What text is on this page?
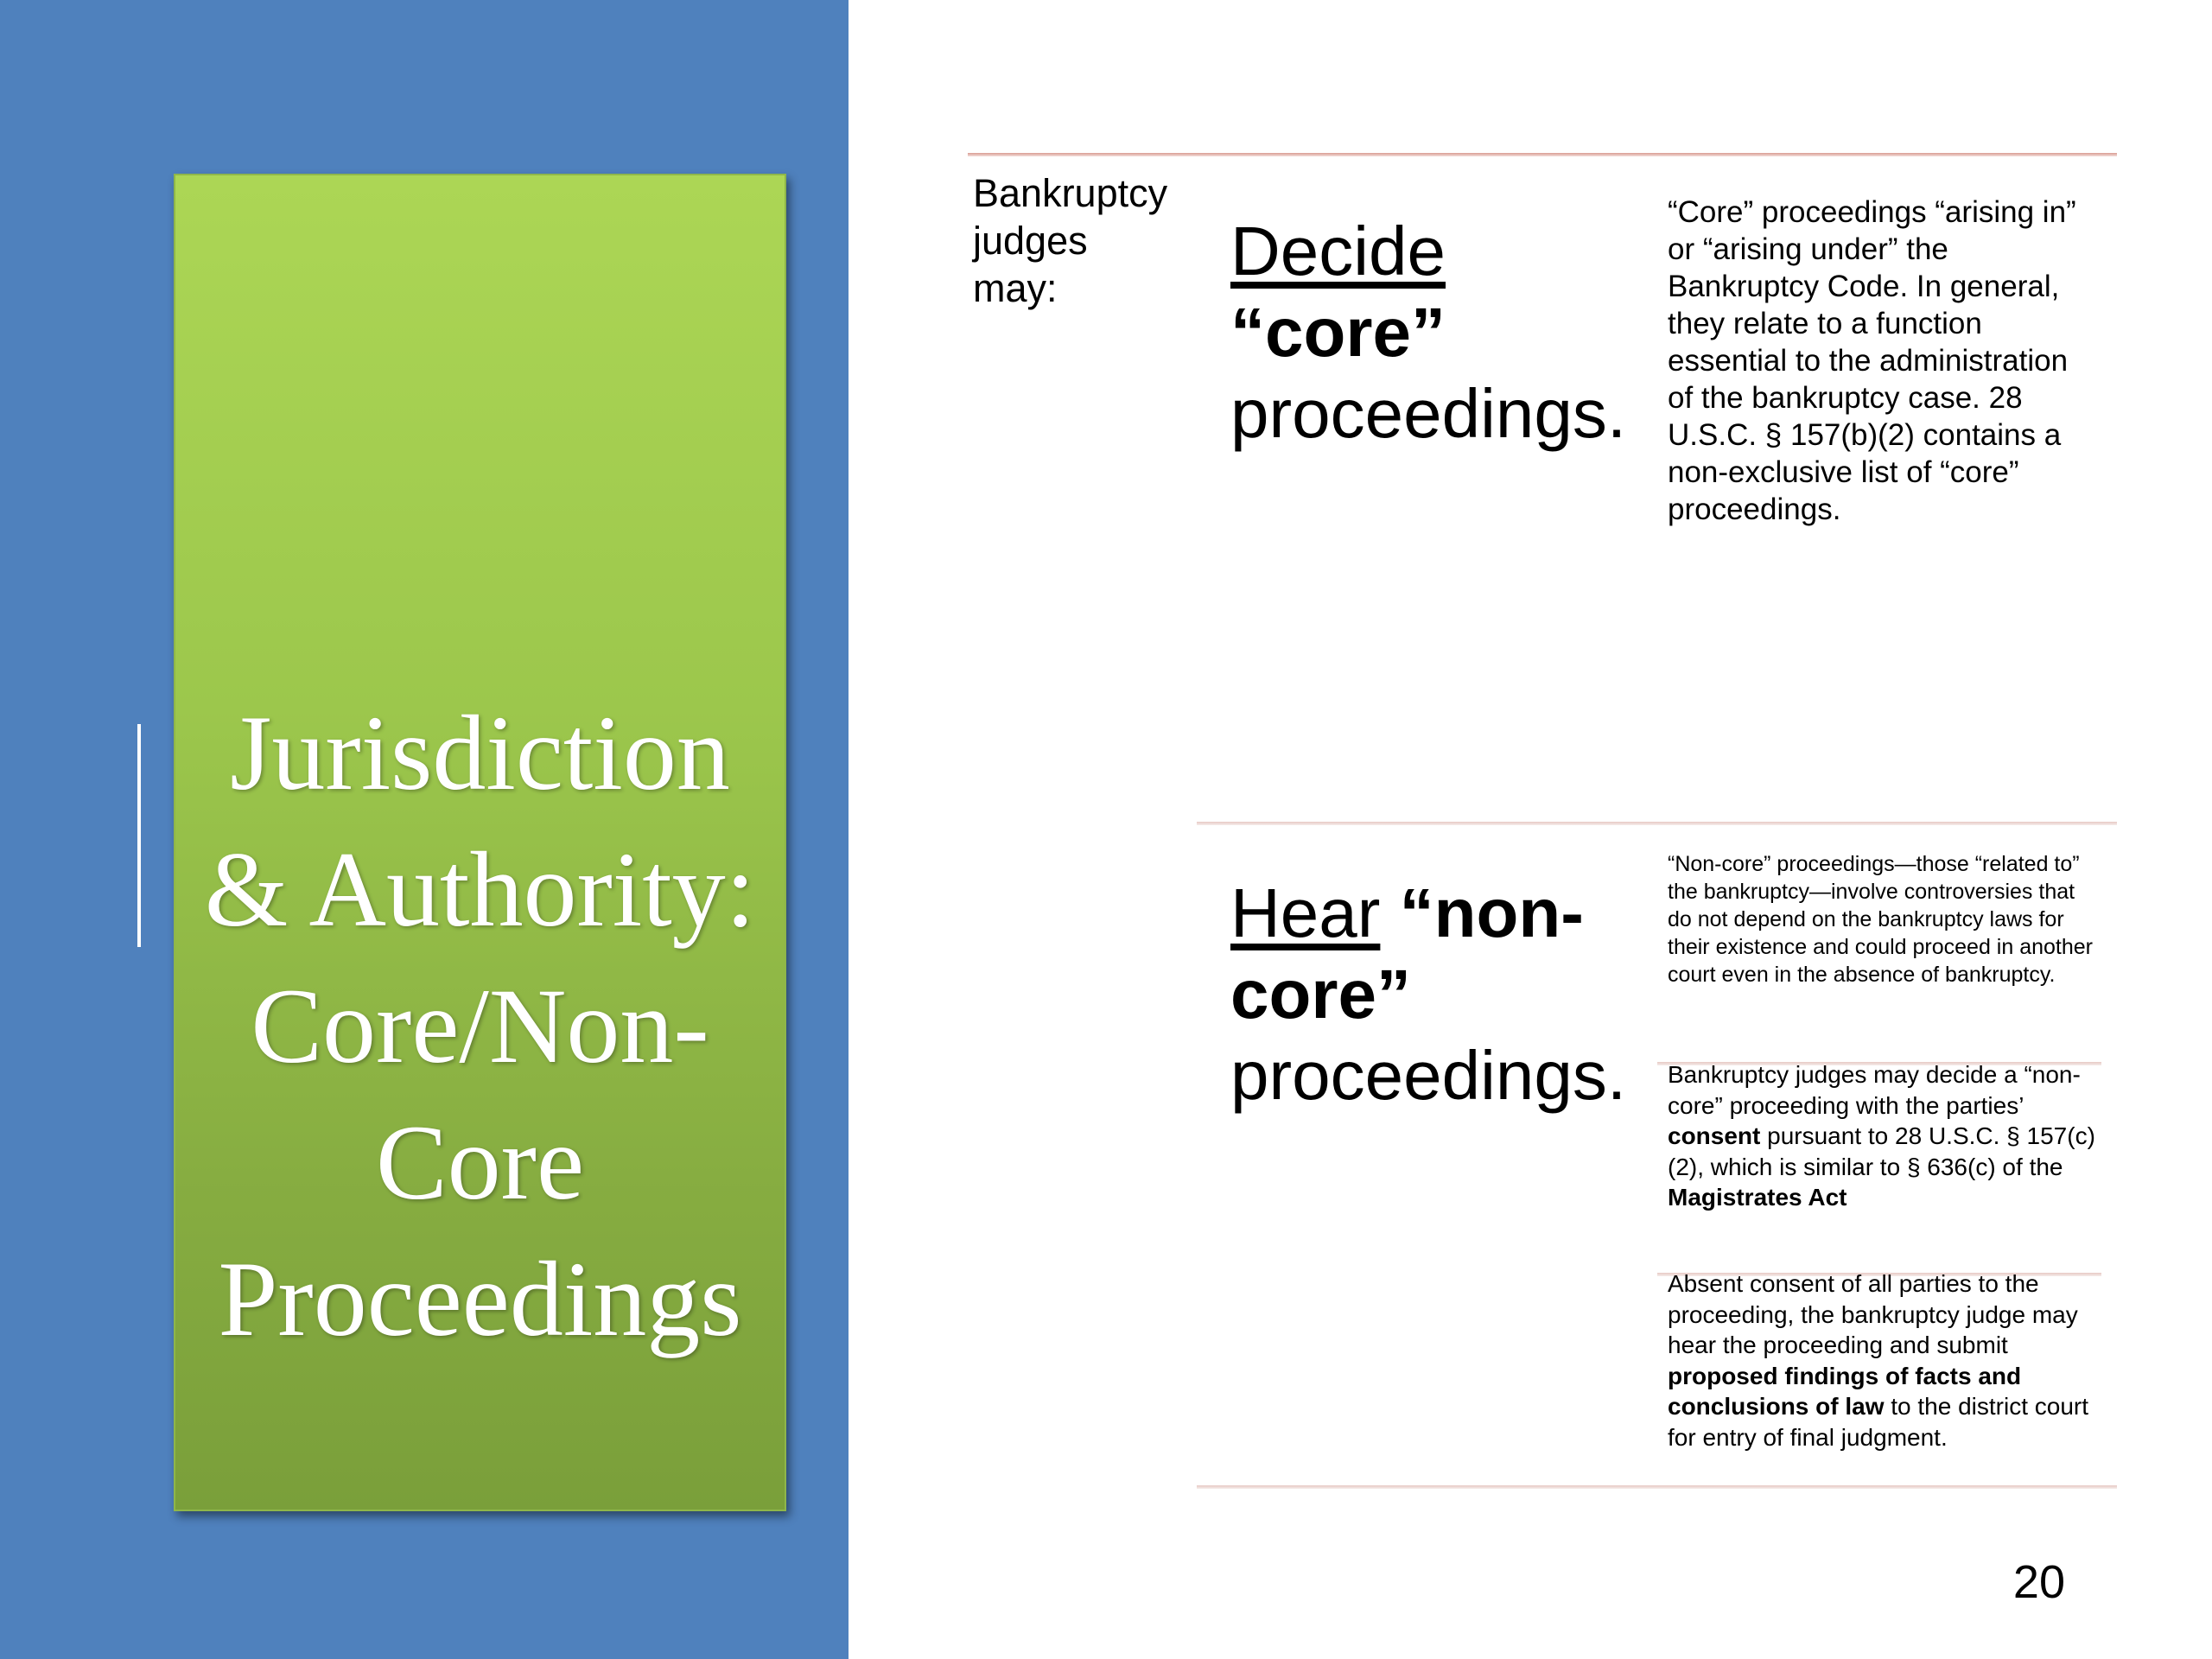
Jurisdiction & Authority: Core/Non-Core Proceedings
Bankruptcy judges may:	Decide
“core”
proceedings.

“Core” proceedings “arising in” or “arising under” the Bankruptcy Code. In general, they relate to a function essential to the administration of the bankruptcy case. 28 U.S.C. § 157(b)(2) contains a non-exclusive list of “core” proceedings.

Hear “non-core”
proceedings.

“Non-core” proceedings—those “related to” the bankruptcy—involve controversies that do not depend on the bankruptcy laws for their existence and could proceed in another court even in the absence of bankruptcy.

Bankruptcy judges may decide a “non-core” proceeding with the parties’ consent pursuant to 28 U.S.C. § 157(c)(2), which is similar to § 636(c) of the Magistrates Act

Absent consent of all parties to the proceeding, the bankruptcy judge may hear the proceeding and submit proposed findings of facts and conclusions of law to the district court for entry of final judgment.

20
